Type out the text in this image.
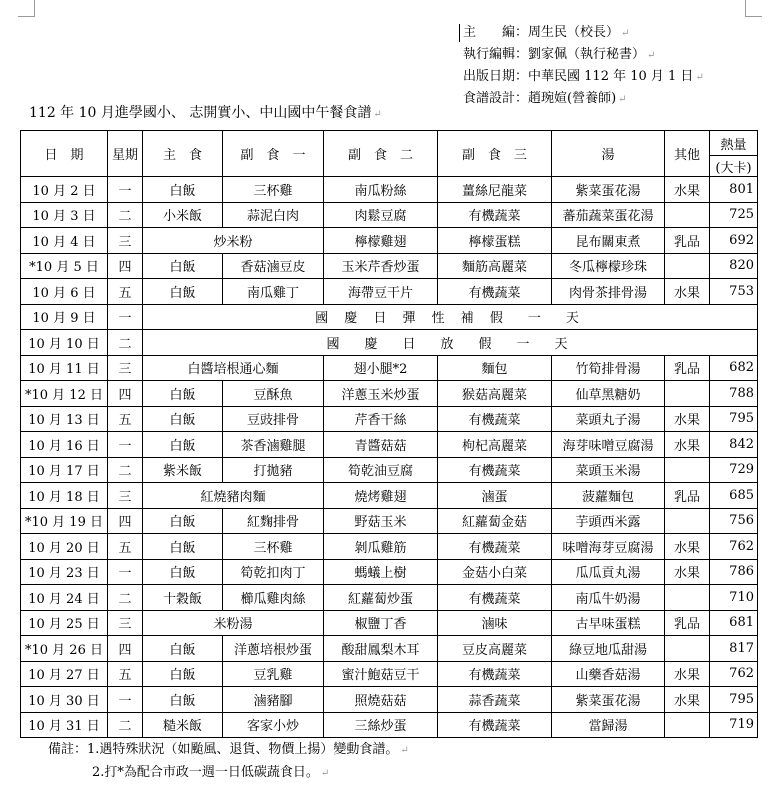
主　　編：周生民（校長） ↵
執行編輯：劉家佩（執行秘書） ↵
出版日期：中華民國 112 年 10 月 1 日 ↵
食譜設計：趙琬媗(營養師) ↵
112 年 10 月進學國小、 志開實小、中山國中午餐食譜 ↵
日　期	星期	主　食	副　食　一	副　食　二	副　食　三	湯	其他	熱量
								(大卡)
10 月 2 日	一	白飯	三杯雞	南瓜粉絲	薑絲尼龍菜	紫菜蛋花湯	水果	801
10 月 3 日	二	小米飯	蒜泥白肉	肉鬆豆腐	有機蔬菜	蕃茄蔬菜蛋花湯		725
10 月 4 日	三	炒米粉		檸檬雞翅	檸檬蛋糕	昆布關東煮	乳品	692
*10 月 5 日	四	白飯	香菇滷豆皮	玉米芹香炒蛋	麵筋高麗菜	冬瓜檸檬珍珠		820
10 月 6 日	五	白飯	南瓜雞丁	海帶豆干片	有機蔬菜	肉骨茶排骨湯	水果	753
10 月 9 日	一	國 慶 日 彈 性 補 假　一　天						
10 月 10 日	二	國　慶　日　放　假　一　天						
10 月 11 日	三	白醬培根通心麵		翅小腿*2	麵包	竹筍排骨湯	乳品	682
*10 月 12 日	四	白飯	豆酥魚	洋蔥玉米炒蛋	猴菇高麗菜	仙草黑糖奶		788
10 月 13 日	五	白飯	豆豉排骨	芹香干絲	有機蔬菜	菜頭丸子湯	水果	795
10 月 16 日	一	白飯	茶香滷雞腿	青醬菇菇	枸杞高麗菜	海芽味噌豆腐湯	水果	842
10 月 17 日	二	紫米飯	打拋豬	筍乾油豆腐	有機蔬菜	菜頭玉米湯		729
10 月 18 日	三	紅燒豬肉麵		燒烤雞翅	滷蛋	菠蘿麵包	乳品	685
*10 月 19 日	四	白飯	紅麴排骨	野菇玉米	紅蘿蔔金菇	芋頭西米露		756
10 月 20 日	五	白飯	三杯雞	剝瓜雞筋	有機蔬菜	味噌海芽豆腐湯	水果	762
10 月 23 日	一	白飯	筍乾扣肉丁	螞蟻上樹	金菇小白菜	瓜瓜貢丸湯	水果	786
10 月 24 日	二	十穀飯	櫛瓜雞肉絲	紅蘿蔔炒蛋	有機蔬菜	南瓜牛奶湯		710
10 月 25 日	三	米粉湯		椒鹽丁香	滷味	古早味蛋糕	乳品	681
*10 月 26 日	四	白飯	洋蔥培根炒蛋	酸甜鳳梨木耳	豆皮高麗菜	綠豆地瓜甜湯		817
10 月 27 日	五	白飯	豆乳雞	蜜汁鮑菇豆干	有機蔬菜	山藥香菇湯	水果	762
10 月 30 日	一	白飯	滷豬腳	照燒菇菇	蒜香蔬菜	紫菜蛋花湯	水果	795
10 月 31 日	二	糙米飯	客家小炒	三絲炒蛋	有機蔬菜	當歸湯		719
備註：1.遇特殊狀況（如颱風、退貨、物價上揚）變動食譜。 ↵
2.打*為配合市政一週一日低碳蔬食日。 ↵
